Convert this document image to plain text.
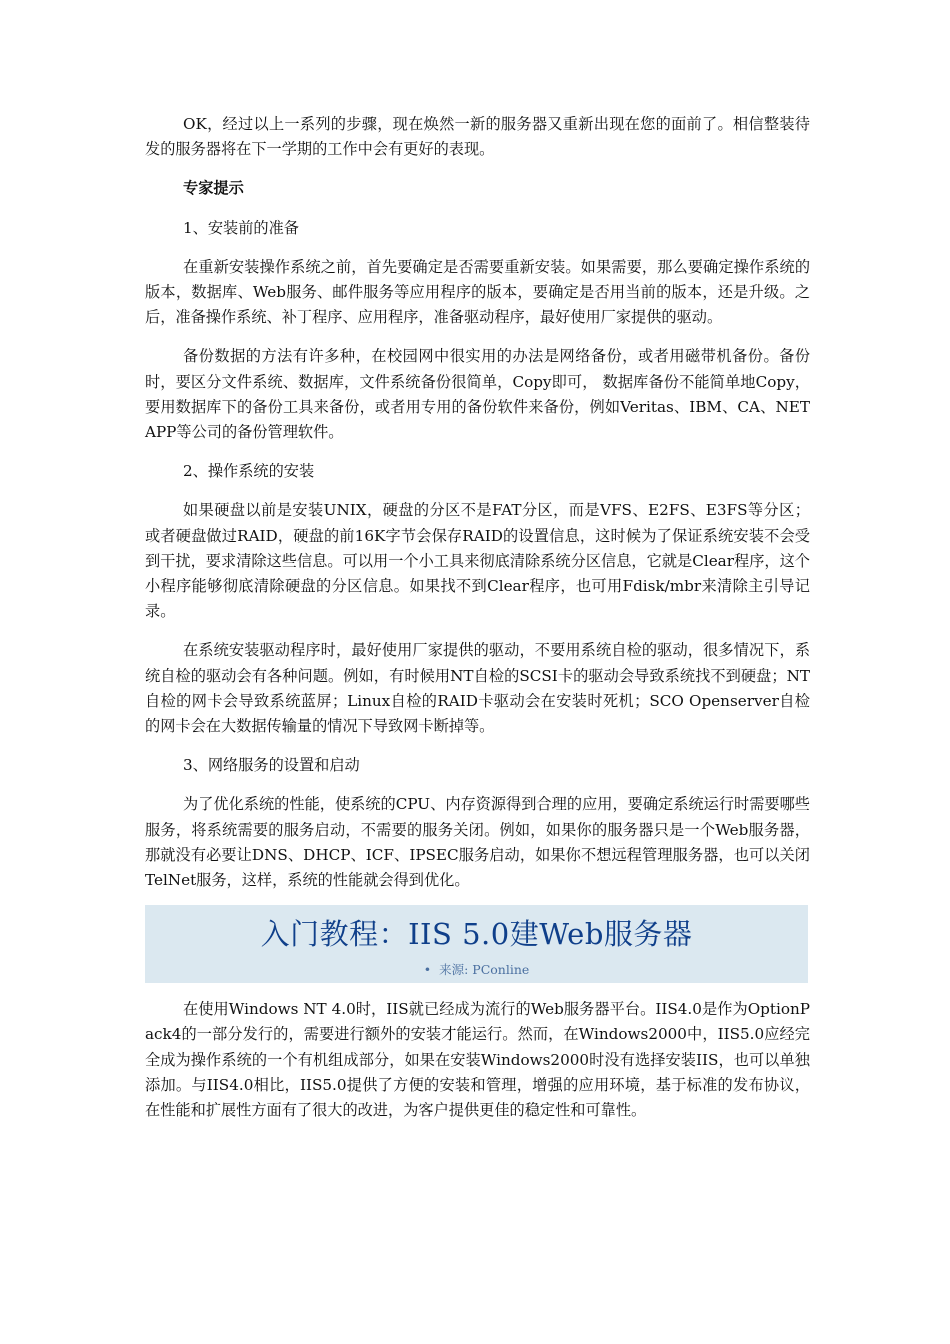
OK，经过以上一系列的步骤，现在焕然一新的服务器又重新出现在您的面前了。相信整装待发的服务器将在下一学期的工作中会有更好的表现。

专家提示

1、安装前的准备

在重新安装操作系统之前，首先要确定是否需要重新安装。如果需要，那么要确定操作系统的版本，数据库、Web服务、邮件服务等应用程序的版本，要确定是否用当前的版本，还是升级。之后，准备操作系统、补丁程序、应用程序，准备驱动程序，最好使用厂家提供的驱动。

备份数据的方法有许多种，在校园网中很实用的办法是网络备份，或者用磁带机备份。备份时，要区分文件系统、数据库，文件系统备份很简单，Copy即可， 数据库备份不能简单地Copy，要用数据库下的备份工具来备份，或者用专用的备份软件来备份，例如Veritas、IBM、CA、NETAPP等公司的备份管理软件。

2、操作系统的安装

如果硬盘以前是安装UNIX，硬盘的分区不是FAT分区，而是VFS、E2FS、E3FS等分区；或者硬盘做过RAID，硬盘的前16K字节会保存RAID的设置信息，这时候为了保证系统安装不会受到干扰，要求清除这些信息。可以用一个小工具来彻底清除系统分区信息，它就是Clear程序，这个小程序能够彻底清除硬盘的分区信息。如果找不到Clear程序，也可用Fdisk/mbr来清除主引导记录。

在系统安装驱动程序时，最好使用厂家提供的驱动，不要用系统自检的驱动，很多情况下，系统自检的驱动会有各种问题。例如，有时候用NT自检的SCSI卡的驱动会导致系统找不到硬盘；NT自检的网卡会导致系统蓝屏；Linux自检的RAID卡驱动会在安装时死机；SCO Openserver自检的网卡会在大数据传输量的情况下导致网卡断掉等。

3、网络服务的设置和启动

为了优化系统的性能，使系统的CPU、内存资源得到合理的应用，要确定系统运行时需要哪些服务，将系统需要的服务启动，不需要的服务关闭。例如，如果你的服务器只是一个Web服务器，那就没有必要让DNS、DHCP、ICF、IPSEC服务启动，如果你不想远程管理服务器，也可以关闭TelNet服务，这样，系统的性能就会得到优化。

入门教程：IIS 5.0建Web服务器
• 来源: PConline

在使用Windows NT 4.0时，IIS就已经成为流行的Web服务器平台。IIS4.0是作为OptionPack4的一部分发行的，需要进行额外的安装才能运行。然而，在Windows2000中，IIS5.0应经完全成为操作系统的一个有机组成部分，如果在安装Windows2000时没有选择安装IIS，也可以单独添加。与IIS4.0相比，IIS5.0提供了方便的安装和管理，增强的应用环境，基于标准的发布协议，在性能和扩展性方面有了很大的改进，为客户提供更佳的稳定性和可靠性。
